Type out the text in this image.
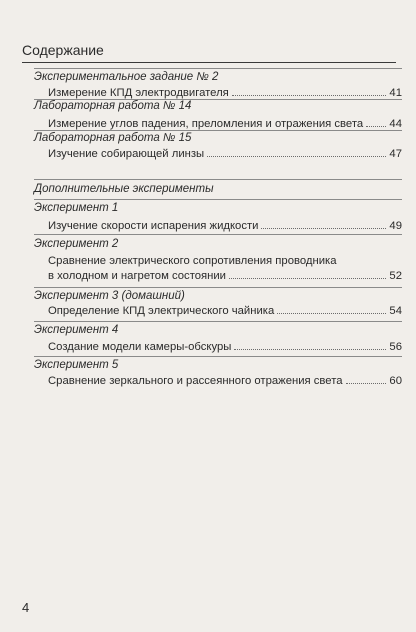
Содержание
Экспериментальное задание № 2
Измерение КПД электродвигателя	41
Лабораторная работа № 14
Измерение углов падения, преломления и отражения света 44
Лабораторная работа № 15
Изучение собирающей линзы	47
Дополнительные эксперименты
Эксперимент 1
Изучение скорости испарения жидкости	49
Эксперимент 2
Сравнение электрического сопротивления проводника
в холодном и нагретом состоянии	52
Эксперимент 3 (домашний)
Определение КПД электрического чайника	54
Эксперимент 4
Создание модели камеры-обскуры	56
Эксперимент 5
Сравнение зеркального и рассеянного отражения света	60
4
